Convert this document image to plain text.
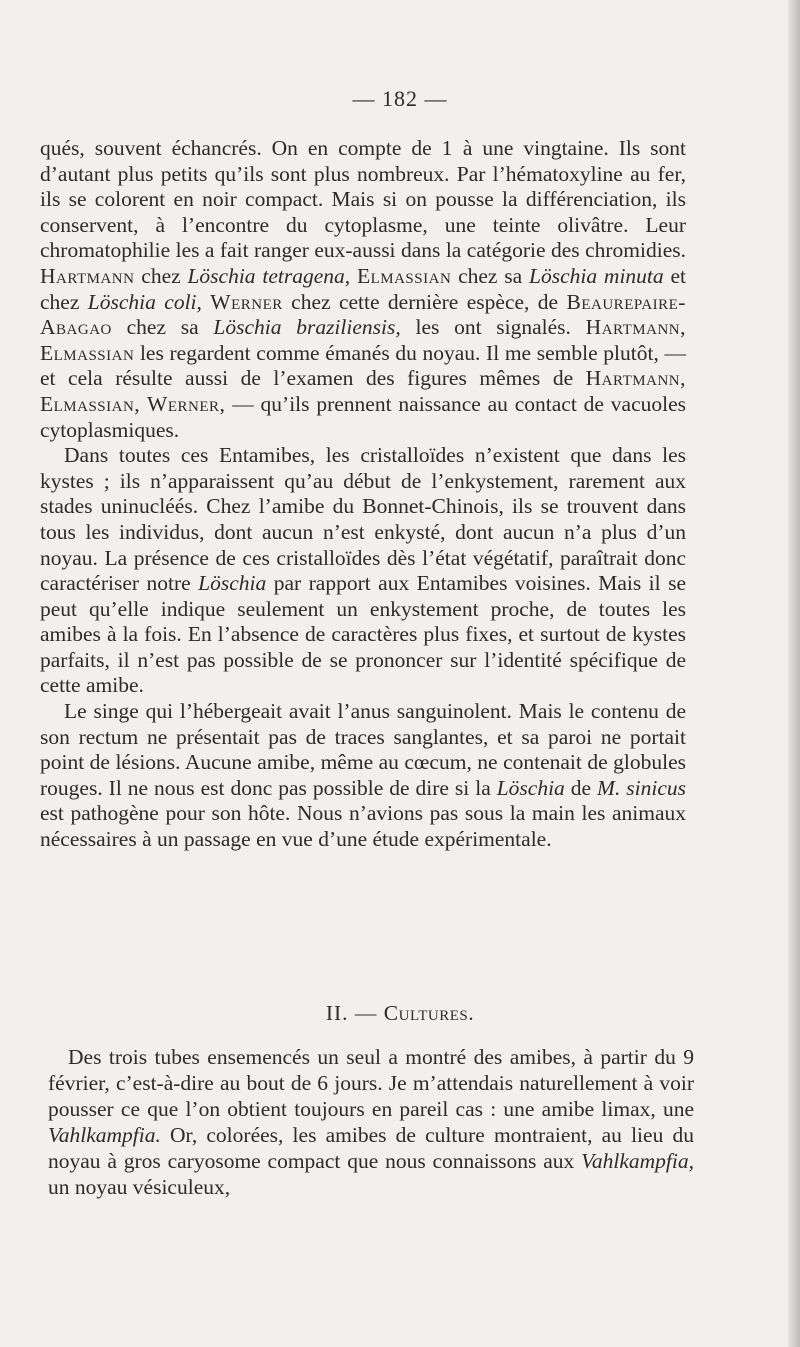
— 182 —

qués, souvent échancrés. On en compte de 1 à une vingtaine. Ils sont d’autant plus petits qu’ils sont plus nombreux. Par l’hématoxyline au fer, ils se colorent en noir compact. Mais si on pousse la différenciation, ils conservent, à l’encontre du cytoplasme, une teinte olivâtre. Leur chromatophilie les a fait ranger eux-aussi dans la catégorie des chromidies. Hartmann chez Löschia tetragena, Elmassian chez sa Löschia minuta et chez Löschia coli, Werner chez cette dernière espèce, de Beaurepaire-Abagao chez sa Löschia braziliensis, les ont signalés. Hartmann, Elmassian les regardent comme émanés du noyau. Il me semble plutôt, — et cela résulte aussi de l’examen des figures mêmes de Hartmann, Elmassian, Werner, — qu’ils prennent naissance au contact de vacuoles cytoplasmiques.

Dans toutes ces Entamibes, les cristalloïdes n’existent que dans les kystes ; ils n’apparaissent qu’au début de l’enkystement, rarement aux stades uninucléés. Chez l’amibe du Bonnet-Chinois, ils se trouvent dans tous les individus, dont aucun n’est enkysté, dont aucun n’a plus d’un noyau. La présence de ces cristalloïdes dès l’état végétatif, paraîtrait donc caractériser notre Löschia par rapport aux Entamibes voisines. Mais il se peut qu’elle indique seulement un enkystement proche, de toutes les amibes à la fois. En l’absence de caractères plus fixes, et surtout de kystes parfaits, il n’est pas possible de se prononcer sur l’identité spécifique de cette amibe.

Le singe qui l’hébergeait avait l’anus sanguinolent. Mais le contenu de son rectum ne présentait pas de traces sanglantes, et sa paroi ne portait point de lésions. Aucune amibe, même au cœcum, ne contenait de globules rouges. Il ne nous est donc pas possible de dire si la Löschia de M. sinicus est pathogène pour son hôte. Nous n’avions pas sous la main les animaux nécessaires à un passage en vue d’une étude expérimentale.

II. — Cultures.

Des trois tubes ensemencés un seul a montré des amibes, à partir du 9 février, c’est-à-dire au bout de 6 jours. Je m’attendais naturellement à voir pousser ce que l’on obtient toujours en pareil cas : une amibe limax, une Vahlkampfia. Or, colorées, les amibes de culture montraient, au lieu du noyau à gros caryosome compact que nous connaissons aux Vahlkampfia, un noyau vésiculeux,
